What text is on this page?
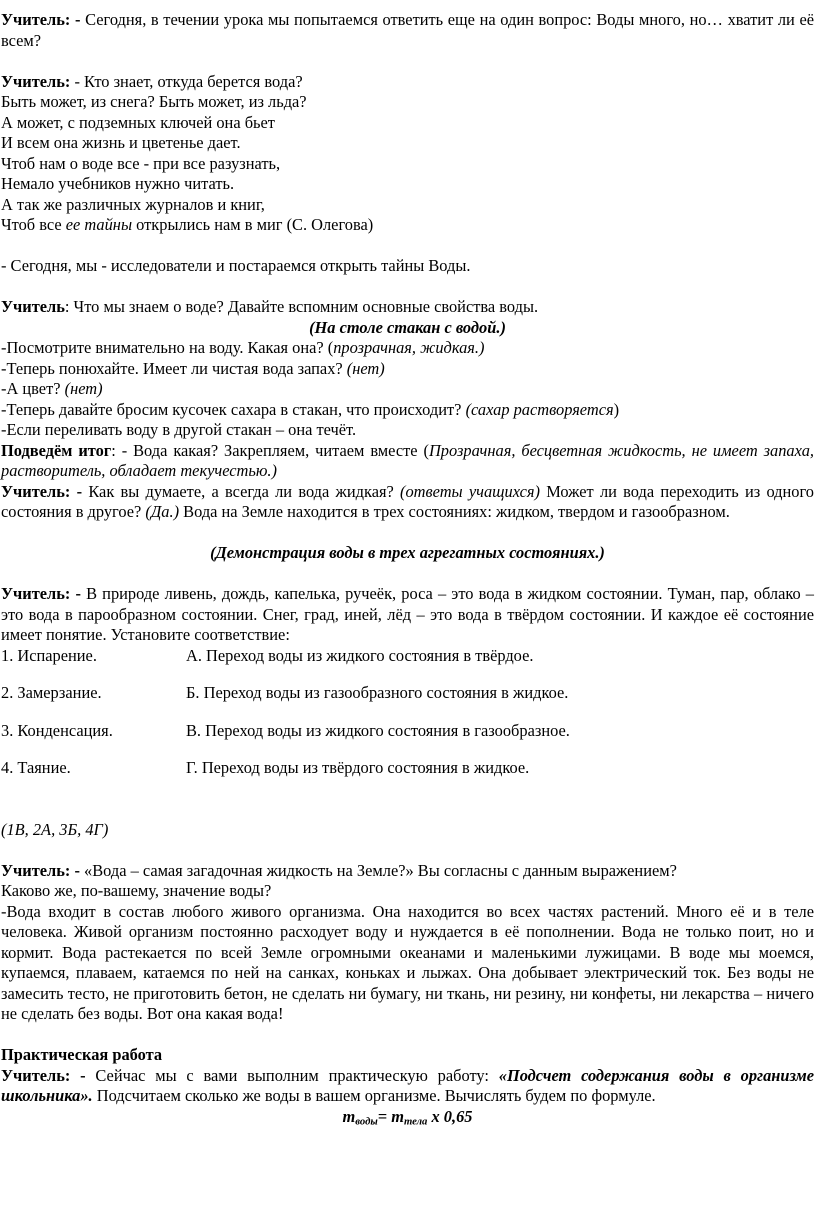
Учитель: - Сегодня, в течении урока мы попытаемся ответить еще на один вопрос: Воды много, но… хватит ли её всем?

Учитель: - Кто знает, откуда берется вода?

Быть может, из снега? Быть может, из льда?

А может, с подземных ключей она бьет

И всем она жизнь и цветенье дает.

Чтоб нам о воде все - при все разузнать,

Немало учебников нужно читать.

А так же различных журналов и книг,

Чтоб все ее тайны открылись нам в миг (С. Олегова)

- Сегодня, мы - исследователи и постараемся открыть тайны Воды.

Учитель: Что мы знаем о воде? Давайте вспомним основные свойства воды.

(На столе стакан с водой.)

-Посмотрите внимательно на воду. Какая она? (прозрачная, жидкая.)

-Теперь понюхайте. Имеет ли чистая вода запах? (нет)

-А цвет? (нет)

-Теперь давайте бросим кусочек сахара в стакан, что происходит? (сахар растворяется)

-Если переливать воду в другой стакан – она течёт.

Подведём итог: - Вода какая? Закрепляем, читаем вместе (Прозрачная, бесцветная жидкость, не имеет запаха, растворитель, обладает текучестью.)

Учитель: - Как вы думаете, а всегда ли вода жидкая? (ответы учащихся) Может ли вода переходить из одного состояния в другое? (Да.) Вода на Земле находится в трех состояниях: жидком, твердом и газообразном.

(Демонстрация воды в трех агрегатных состояниях.)

Учитель: - В природе ливень, дождь, капелька, ручеёк, роса – это вода в жидком состоянии. Туман, пар, облако – это вода в парообразном состоянии. Снег, град, иней, лёд – это вода в твёрдом состоянии. И каждое её состояние имеет понятие. Установите соответствие:

1. Испарение.	А. Переход воды из жидкого состояния в твёрдое.
2. Замерзание.	Б. Переход воды из газообразного состояния в жидкое.
3. Конденсация.	В. Переход воды из жидкого состояния в газообразное.
4. Таяние.	Г. Переход воды из твёрдого состояния в жидкое.

(1В, 2А, 3Б, 4Г)

Учитель: - «Вода – самая загадочная жидкость на Земле?» Вы согласны с данным выражением?

Каково же, по-вашему, значение воды?

-Вода входит в состав любого живого организма. Она находится во всех частях растений. Много её и в теле человека. Живой организм постоянно расходует воду и нуждается в её пополнении. Вода не только поит, но и кормит. Вода растекается по всей Земле огромными океанами и маленькими лужицами. В воде мы моемся, купаемся, плаваем, катаемся по ней на санках, коньках и лыжах. Она добывает электрический ток. Без воды не замесить тесто, не приготовить бетон, не сделать ни бумагу, ни ткань, ни резину, ни конфеты, ни лекарства – ничего не сделать без воды. Вот она какая вода!

Практическая работа

Учитель: - Сейчас мы с вами выполним практическую работу: «Подсчет содержания воды в организме школьника». Подсчитаем сколько же воды в вашем организме. Вычислять будем по формуле.

$m_{воды}= m_{тела}$ х 0,65
